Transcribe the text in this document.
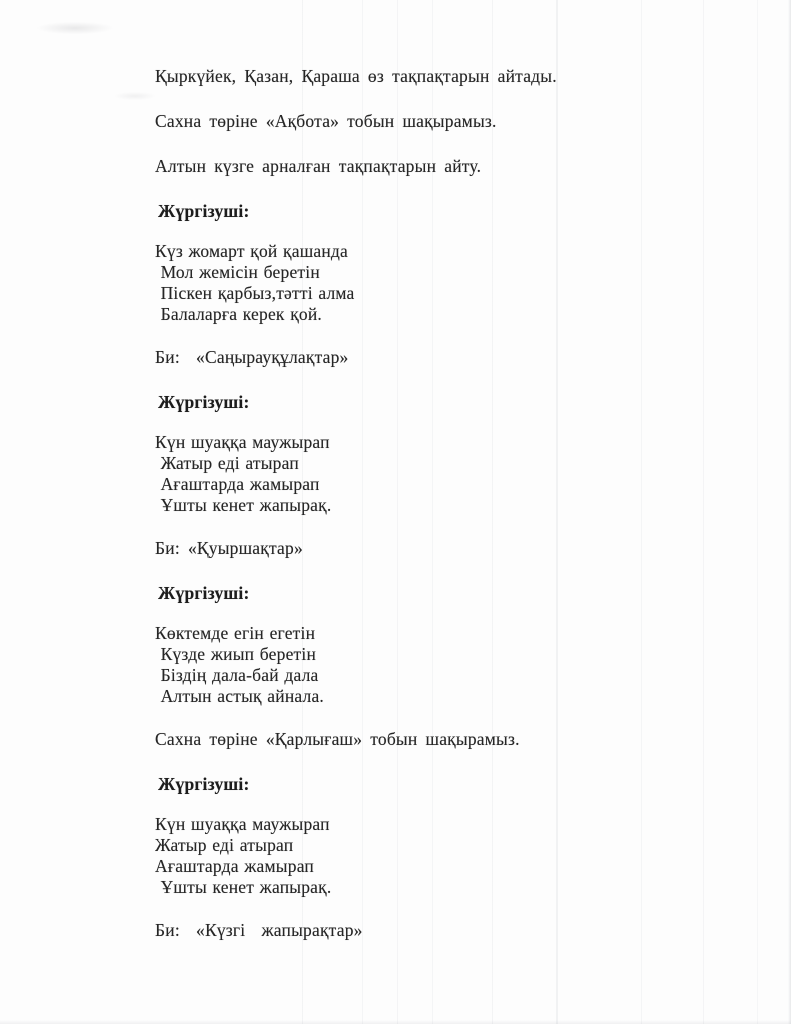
Қыркүйек, Қазан, Қараша өз тақпақтарын айтады.

Сахна төріне «Ақбота» тобын шақырамыз.

Алтын күзге арналған тақпақтарын айту.

Жүргізуші:

Күз жомарт қой қашанда
Мол жемісін беретін
Піскен қарбыз,тәтті алма
Балаларға керек қой.

Би:  «Саңырауқұлақтар»

Жүргізуші:

Күн шуаққа маужырап
Жатыр еді атырап
Ағаштарда жамырап
Ұшты кенет жапырақ.

Би: «Қуыршақтар»

Жүргізуші:

Көктемде егін егетін
Күзде жиып беретін
Біздің дала-бай дала
Алтын астық айнала.

Сахна төріне «Қарлығаш» тобын шақырамыз.

Жүргізуші:

Күн шуаққа маужырап
Жатыр еді атырап
Ағаштарда жамырап
Ұшты кенет жапырақ.

Би:  «Күзгі  жапырақтар»
